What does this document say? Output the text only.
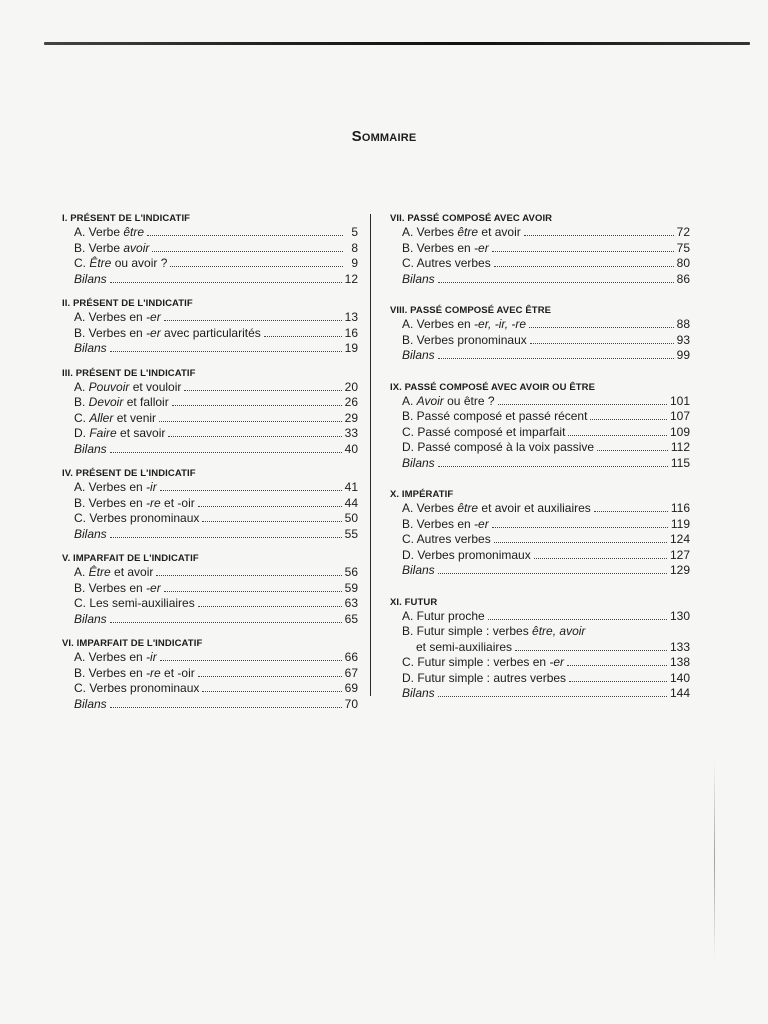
Sommaire
I. PRÉSENT DE L'INDICATIF
A. Verbe être	5
B. Verbe avoir	8
C. Être ou avoir ?	9
Bilans	12
II. PRÉSENT DE L'INDICATIF
A. Verbes en -er	13
B. Verbes en -er avec particularités	16
Bilans	19
III. PRÉSENT DE L'INDICATIF
A. Pouvoir et vouloir	20
B. Devoir et falloir	26
C. Aller et venir	29
D. Faire et savoir	33
Bilans	40
IV. PRÉSENT DE L'INDICATIF
A. Verbes en -ir	41
B. Verbes en -re et -oir	44
C. Verbes pronominaux	50
Bilans	55
V. IMPARFAIT DE L'INDICATIF
A. Être et avoir	56
B. Verbes en -er	59
C. Les semi-auxiliaires	63
Bilans	65
VI. IMPARFAIT DE L'INDICATIF
A. Verbes en -ir	66
B. Verbes en -re et -oir	67
C. Verbes pronominaux	69
Bilans	70
VII. PASSÉ COMPOSÉ AVEC AVOIR
A. Verbes être et avoir	72
B. Verbes en -er	75
C. Autres verbes	80
Bilans	86
VIII. PASSÉ COMPOSÉ AVEC ÊTRE
A. Verbes en -er, -ir, -re	88
B. Verbes pronominaux	93
Bilans	99
IX. PASSÉ COMPOSÉ AVEC AVOIR OU ÊTRE
A. Avoir ou être ?	101
B. Passé composé et passé récent	107
C. Passé composé et imparfait	109
D. Passé composé à la voix passive	112
Bilans	115
X. IMPÉRATIF
A. Verbes être et avoir et auxiliaires	116
B. Verbes en -er	119
C. Autres verbes	124
D. Verbes promonimaux	127
Bilans	129
XI. FUTUR
A. Futur proche	130
B. Futur simple : verbes être, avoir
et semi-auxiliaires	133
C. Futur simple : verbes en -er	138
D. Futur simple : autres verbes	140
Bilans	144
